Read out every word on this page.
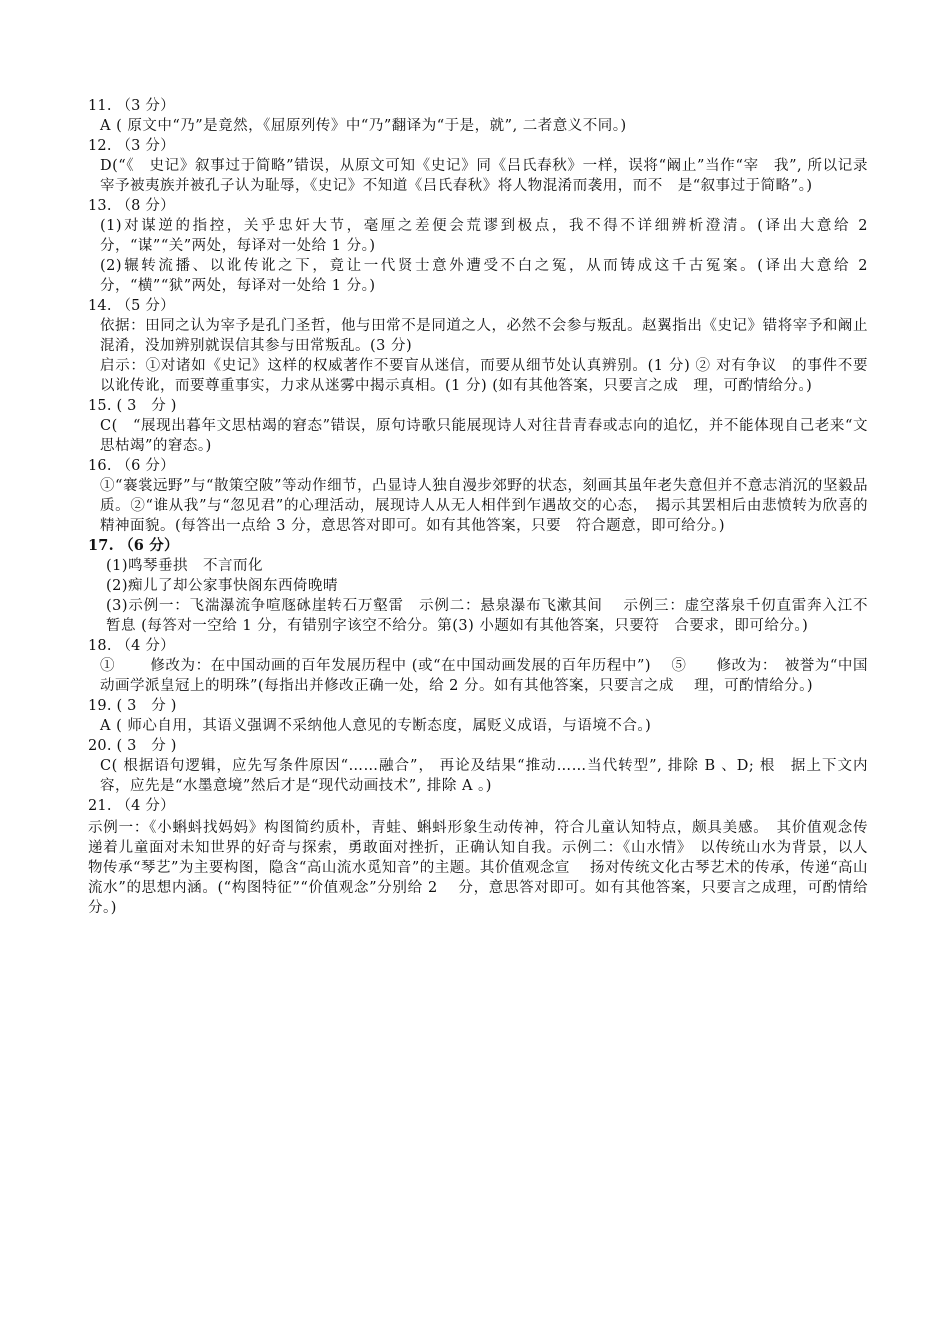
11. （3 分）

A ( 原文中“乃”是竟然，《屈原列传》中“乃”翻译为“于是，就”, 二者意义不同。)

12. （3 分）

D(“《　史记》叙事过于简略”错误，从原文可知《史记》同《吕氏春秋》一样，误将“阚止”当作“宰　我”, 所以记录宰予被夷族并被孔子认为耻辱，《史记》不知道《吕氏春秋》将人物混淆而袭用，而不　是“叙事过于简略”。)

13. （8 分）

(1)对谋逆的指控，关乎忠奸大节，毫厘之差便会荒谬到极点，我不得不详细辨析澄清。(译出大意给 2 分，“谋”“关”两处，每译对一处给 1 分。)

(2)辗转流播、以讹传讹之下，竟让一代贤士意外遭受不白之冤，从而铸成这千古冤案。(译出大意给 2 分，“横”“狱”两处，每译对一处给 1 分。)

14. （5 分）

依据：田同之认为宰予是孔门圣哲，他与田常不是同道之人，必然不会参与叛乱。赵翼指出《史记》错将宰予和阚止混淆，没加辨别就误信其参与田常叛乱。(3 分)

启示：①对诸如《史记》这样的权威著作不要盲从迷信，而要从细节处认真辨别。(1 分) ② 对有争议　的事件不要以讹传讹，而要尊重事实，力求从迷雾中揭示真相。(1 分) (如有其他答案，只要言之成　理，可酌情给分。)

15. ( 3　分 )

C(　“展现出暮年文思枯竭的窘态”错误，原句诗歌只能展现诗人对往昔青春或志向的追忆，并不能体现自己老来“文思枯竭”的窘态。)

16. （6 分）

①“褰裳远野”与“散策空陂”等动作细节，凸显诗人独自漫步郊野的状态，刻画其虽年老失意但并不意志消沉的坚毅品质。②“谁从我”与“忽见君”的心理活动，展现诗人从无人相伴到乍遇故交的心态，　揭示其罢相后由悲愤转为欣喜的精神面貌。(每答出一点给 3 分，意思答对即可。如有其他答案，只要　符合题意，即可给分。)

17. （6 分）

(1)鸣琴垂拱　不言而化

(2)痴儿了却公家事快阁东西倚晚晴

(3)示例一：飞湍瀑流争喧豗砯崖转石万壑雷　示例二：悬泉瀑布飞漱其间　 示例三：虚空落泉千仞直雷奔入江不暂息 (每答对一空给 1 分，有错别字该空不给分。第(3) 小题如有其他答案，只要符　合要求，即可给分。)

18. （4 分）

①　　 修改为：在中国动画的百年发展历程中 (或“在中国动画发展的百年历程中”)　 ⑤　　修改为：　被誉为“中国动画学派皇冠上的明珠”(每指出并修改正确一处，给 2 分。如有其他答案，只要言之成　 理，可酌情给分。)

19. ( 3　分 )

A ( 师心自用，其语义强调不采纳他人意见的专断态度，属贬义成语，与语境不合。)

20. ( 3　分 )

C( 根据语句逻辑，应先写条件原因“……融合”， 再论及结果“推动……当代转型”, 排除 B 、D; 根　据上下文内容，应先是“水墨意境”然后才是“现代动画技术”, 排除 A 。)

21. （4 分）

示例一：《小蝌蚪找妈妈》构图简约质朴，青蛙、蝌蚪形象生动传神，符合儿童认知特点，颇具美感。　其价值观念传递着儿童面对未知世界的好奇与探索，勇敢面对挫折，正确认知自我。示例二：《山水情》　以传统山水为背景，以人物传承“琴艺”为主要构图，隐含“高山流水觅知音”的主题。其价值观念宣　 扬对传统文化古琴艺术的传承，传递“高山流水”的思想内涵。(“构图特征”“价值观念”分别给 2　 分，意思答对即可。如有其他答案，只要言之成理，可酌情给分。)
